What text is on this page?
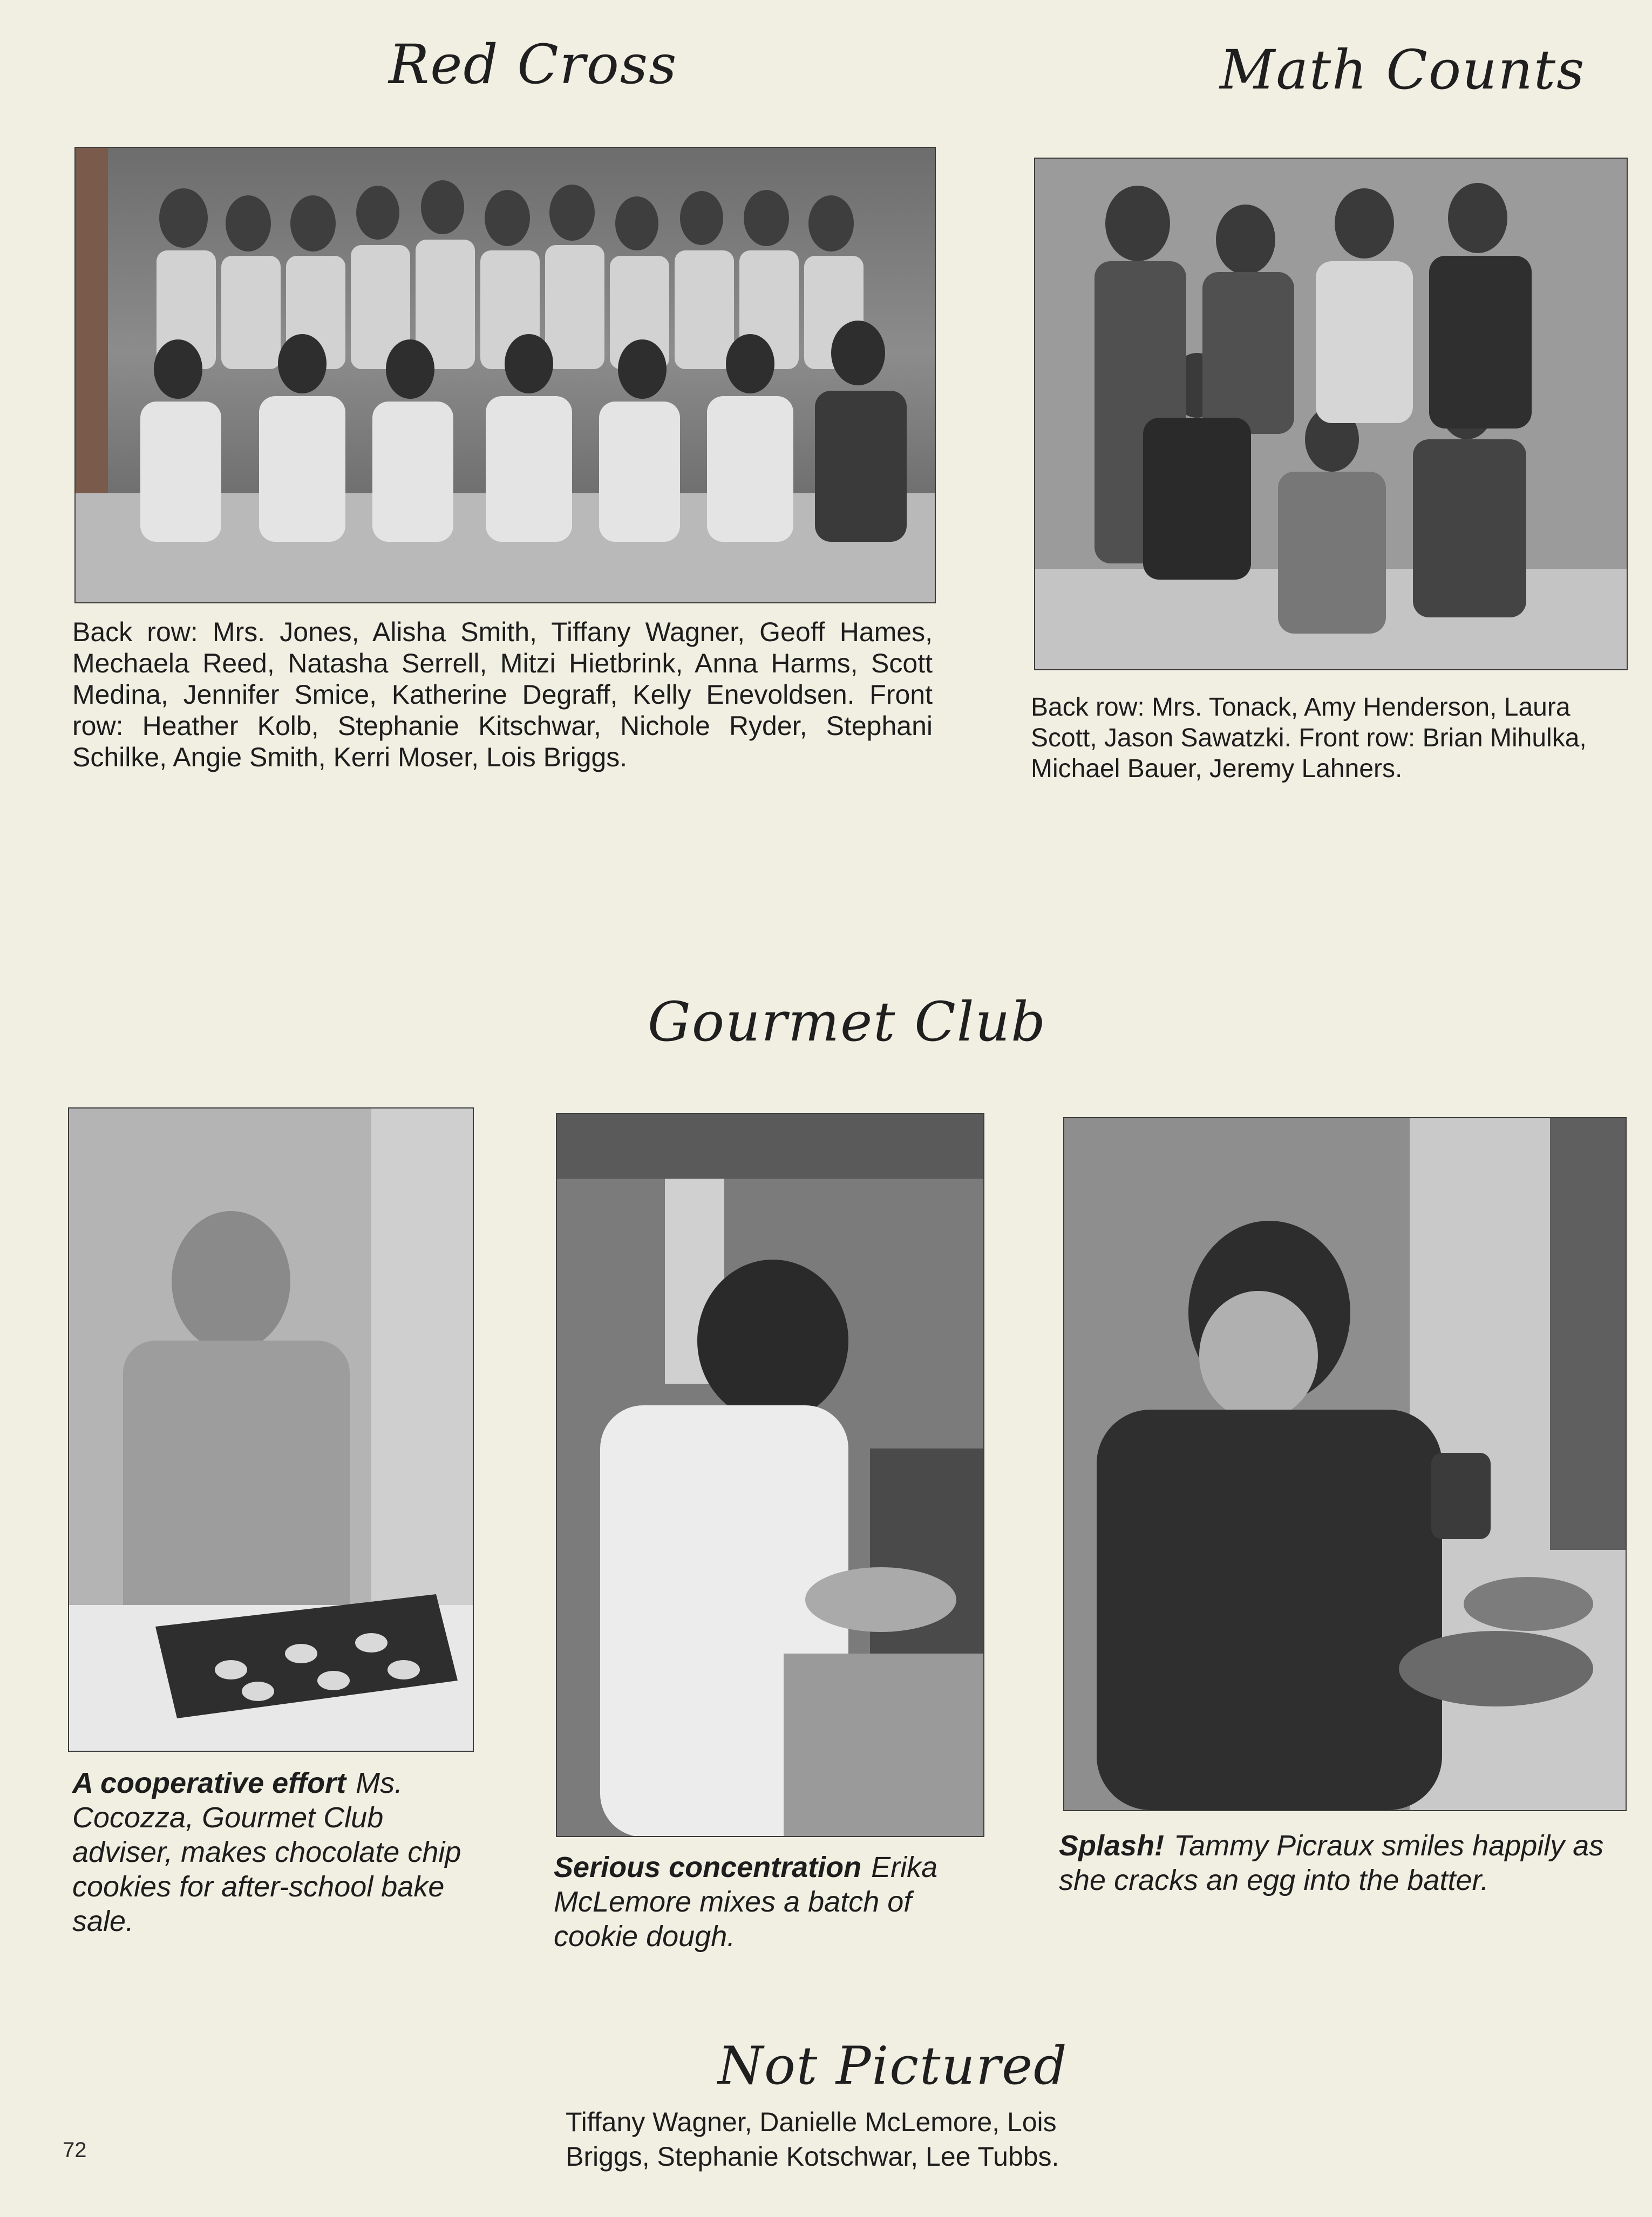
Red Cross

Back row: Mrs. Jones, Alisha Smith, Tiffany Wagner, Geoff Hames, Mechaela Reed, Natasha Serrell, Mitzi Hietbrink, Anna Harms, Scott Medina, Jennifer Smice, Katherine Degraff, Kelly Enevoldsen. Front row: Heather Kolb, Stephanie Kitschwar, Nichole Ryder, Stephani Schilke, Angie Smith, Kerri Moser, Lois Briggs.

Math Counts

Back row: Mrs. Tonack, Amy Henderson, Laura Scott, Jason Sawatzki. Front row: Brian Mihulka, Michael Bauer, Jeremy Lahners.

Gourmet Club

A cooperative effort Ms. Cocozza, Gourmet Club adviser, makes chocolate chip cookies for after-school bake sale.

Serious concentration Erika McLemore mixes a batch of cookie dough.

Splash! Tammy Picraux smiles happily as she cracks an egg into the batter.

Not Pictured
Tiffany Wagner, Danielle McLemore, Lois
Briggs, Stephanie Kotschwar, Lee Tubbs.
72
